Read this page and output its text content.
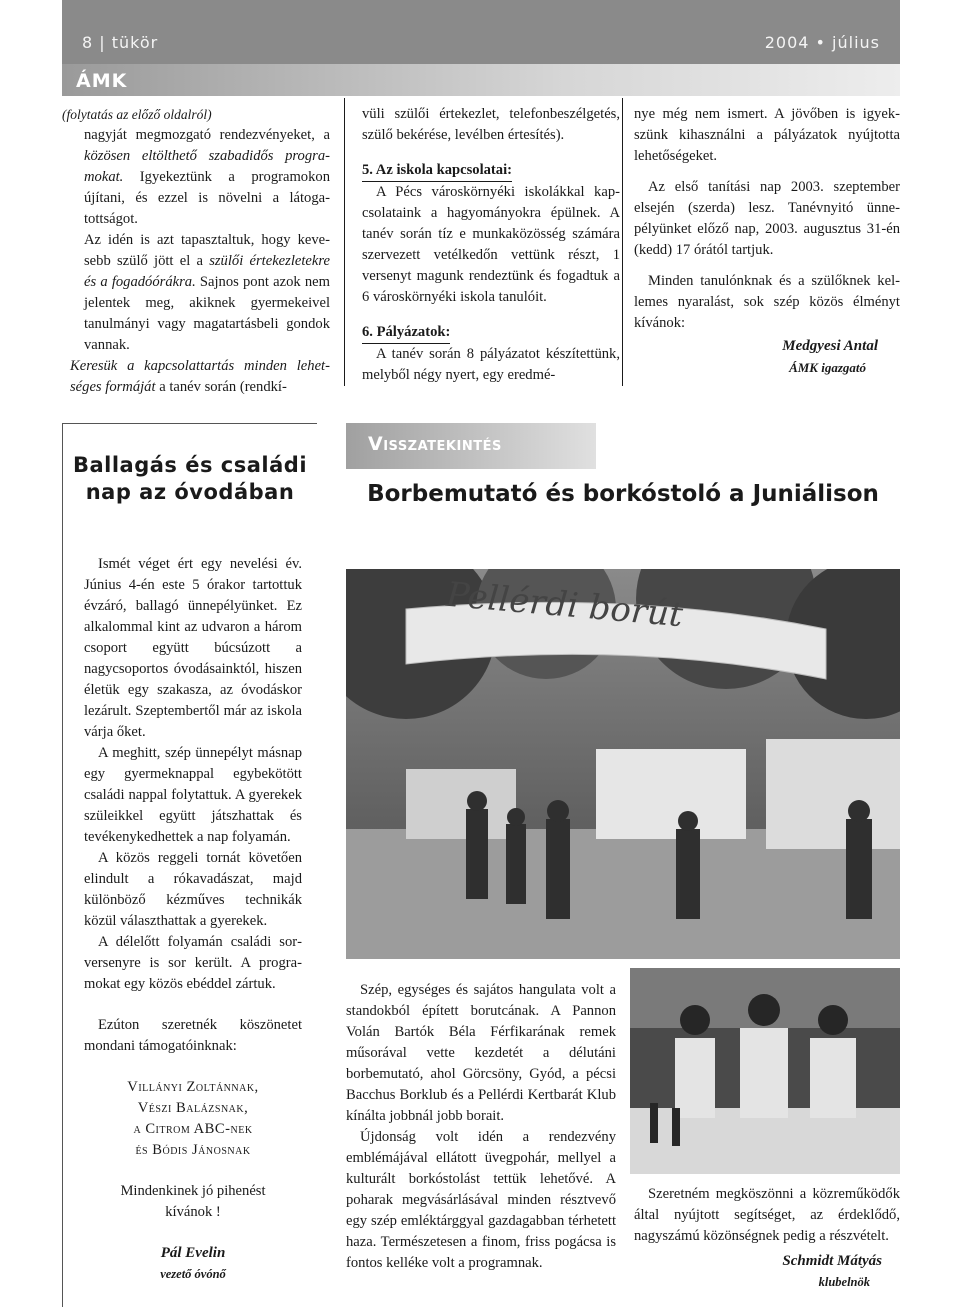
8 | tükör	2004 • július
ÁMK

(folytatás az előző oldalról)

nagyját megmozgató rendezvényeket, a közösen eltölthető szabadidős programokat. Igyekeztünk a programokon újítani, és ezzel is növelni a látogatottságot.

Az idén is azt tapasztaltuk, hogy kevesebb szülő jött el a szülői értekezletekre és a fogadóórákra. Sajnos pont azok nem jelentek meg, akiknek gyermekeivel tanulmányi vagy magatartásbeli gondok vannak.

Keresük a kapcsolattartás minden lehetséges formáját a tanév során (rendkí-

vüli szülői értekezlet, telefonbeszélgetés, szülő bekérése, levélben értesítés).

5. Az iskola kapcsolatai:

A Pécs városkörnyéki iskolákkal kapcsolataink a hagyományokra épülnek. A tanév során tíz e munkaközösség számára szervezett vetélkedőn vettünk részt, 1 versenyt magunk rendeztünk és fogadtuk a 6 városkörnyéki iskola tanulóit.

6. Pályázatok:

A tanév során 8 pályázatot készítettünk, melyből négy nyert, egy eredmé-

nye még nem ismert. A jövőben is igyekszünk kihasználni a pályázatok nyújtotta lehetőségeket.

Az első tanítási nap 2003. szeptember elsején (szerda) lesz. Tanévnyitó ünnepélyünket előző nap, 2003. augusztus 31-én (kedd) 17 órától tartjuk.

Minden tanulónknak és a szülőknek kellemes nyaralást, sok szép közös élményt kívánok:

Medgyesi Antal

ÁMK igazgató

Ballagás és családi nap az óvodában

Ismét véget ért egy nevelési év. Június 4-én este 5 órakor tartottuk évzáró, ballagó ünnepélyünket. Ez alkalommal kint az udvaron a három csoport együtt búcsúzott a nagycsoportos óvodásainktól, hiszen életük egy szakasza, az óvodáskor lezárult. Szeptembertől már az iskola várja őket.

A meghitt, szép ünnepélyt másnap egy gyermeknappal egybekötött családi nappal folytattuk. A gyerekek szüleikkel együtt játszhattak és tevékenykedhettek a nap folyamán.

A közös reggeli tornát követően elindult a rókavadászat, majd különböző kézműves technikák közül választhattak a gyerekek.

A délelőtt folyamán családi sorversenyre is sor került. A programokat egy közös ebéddel zártuk.

Ezúton szeretnék köszönetet mondani támogatóinknak:

Villányi Zoltánnak,
Vészi Balázsnak,
a Citrom ABC-nek
és Bódis Jánosnak

Mindenkinek jó pihenést kívánok !

Pál Evelin

vezető óvónő

Visszatekintés
Borbemutató és borkóstoló a Juniálison
Pellérdi borút

Szép, egységes és sajátos hangulata volt a standokból épített borutcának. A Pannon Volán Bartók Béla Férfikarának remek műsorával vette kezdetét a délutáni borbemutató, ahol Görcsöny, Gyód, a pécsi Bacchus Borklub és a Pellérdi Kertbarát Klub kínálta jobbnál jobb borait.

Újdonság volt idén a rendezvény emblémájával ellátott üvegpohár, mellyel a kulturált borkóstolást tettük lehetővé. A poharak megvásárlásával minden résztvevő egy szép emléktárggyal gazdagabban térhetett haza. Természetesen a finom, friss pogácsa is fontos kelléke volt a programnak.

Szeretném megköszönni a közreműködők által nyújtott segítséget, az érdeklődő, nagyszámú közönségnek pedig a részvételt.

Schmidt Mátyás

klubelnök
